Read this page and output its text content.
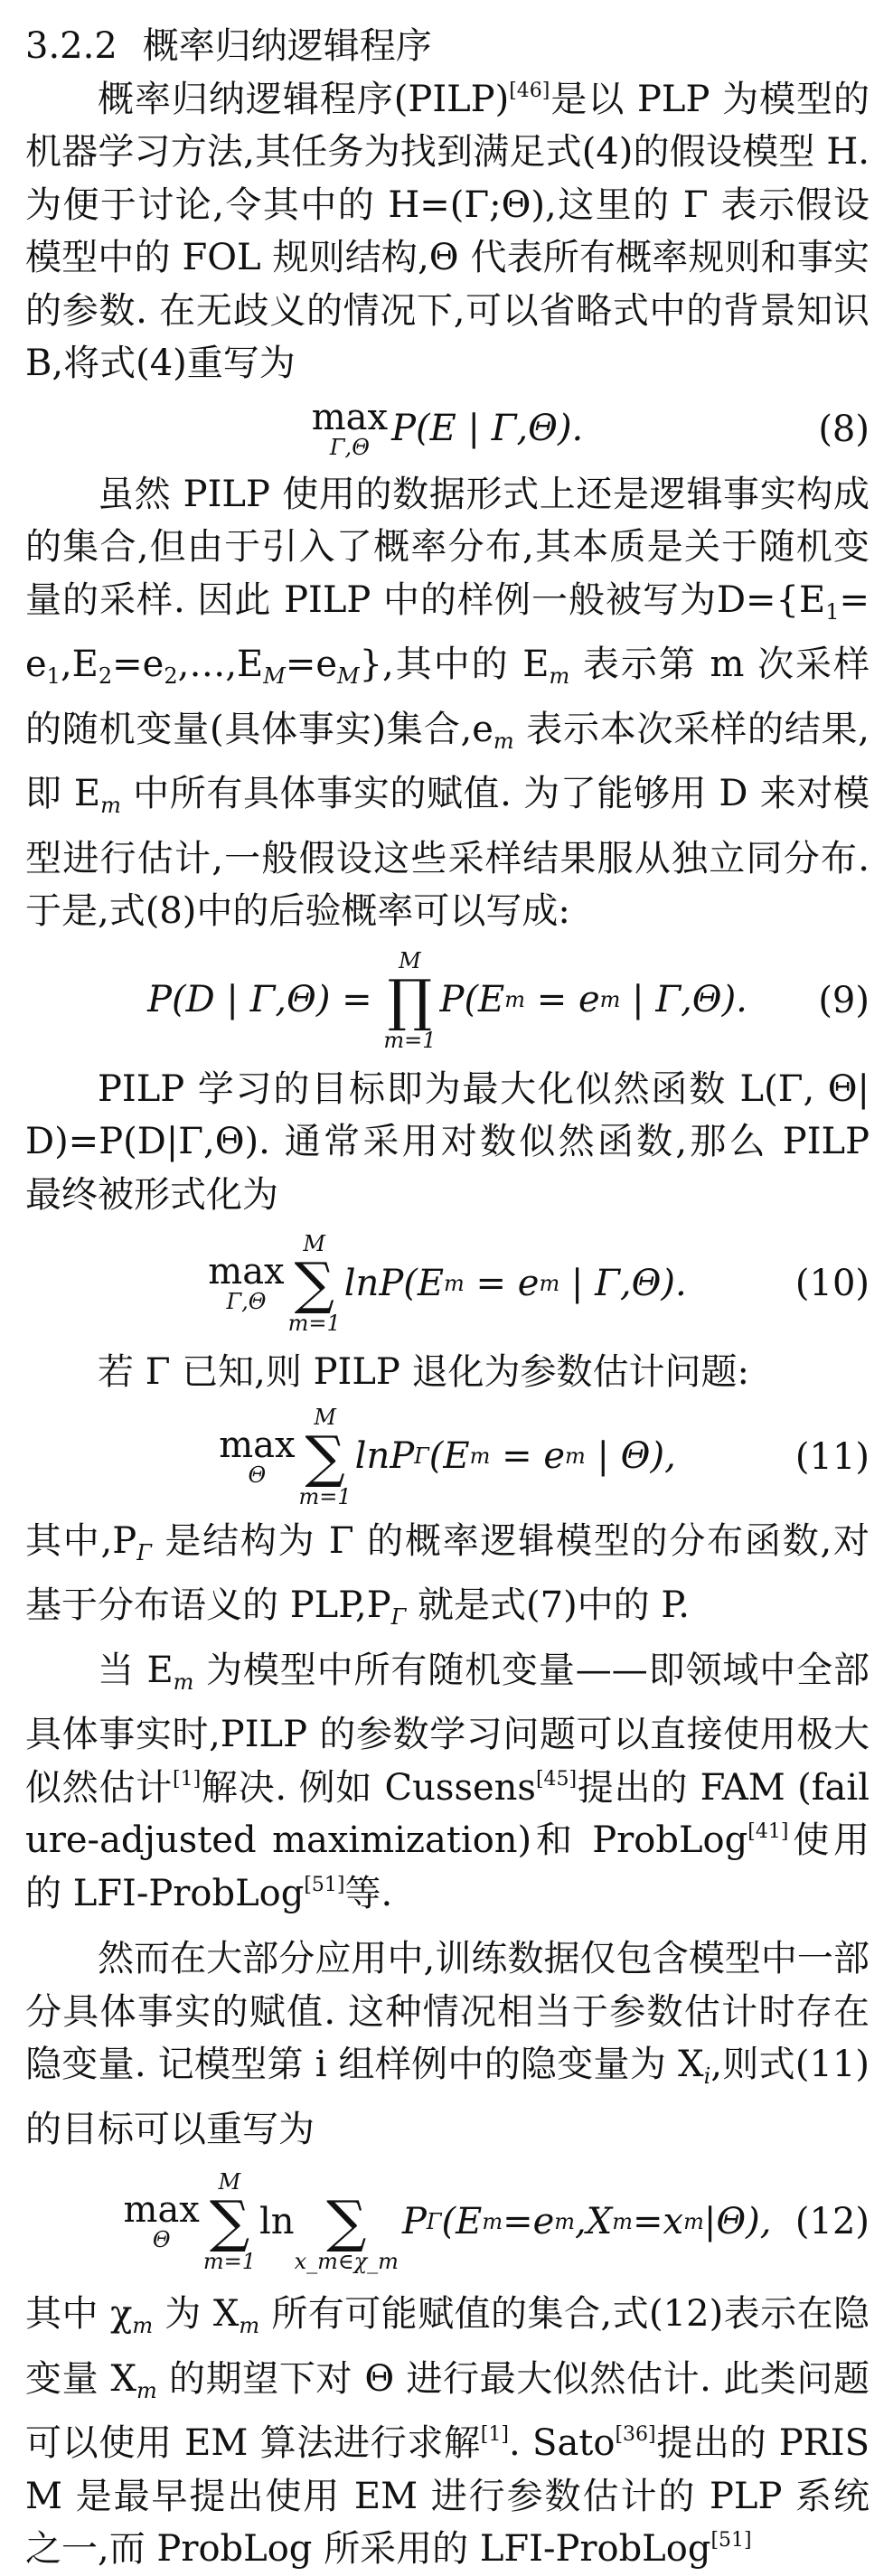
3.2.2 概率归纳逻辑程序

概率归纳逻辑程序(PILP)[46]是以 PLP 为模型的机器学习方法,其任务为找到满足式(4)的假设模型 H. 为便于讨论,令其中的 H=(Γ;Θ),这里的 Γ 表示假设模型中的 FOL 规则结构,Θ 代表所有概率规则和事实的参数. 在无歧义的情况下,可以省略式中的背景知识 B,将式(4)重写为

max
Γ,Θ P(E | Γ,Θ).	(8)

虽然 PILP 使用的数据形式上还是逻辑事实构成的集合,但由于引入了概率分布,其本质是关于随机变量的采样. 因此 PILP 中的样例一般被写为$D=\{E_1=e_1,E_2=e_2,\dots,E_M=e_M\}$,其中的 $E_m$ 表示第 m 次采样的随机变量(具体事实)集合$,e_m$ 表示本次采样的结果,即 $E_m$ 中所有具体事实的赋值. 为了能够用 D 来对模型进行估计,一般假设这些采样结果服从独立同分布. 于是,式(8)中的后验概率可以写成:

P(D | Γ,Θ) =

M
∏
m=1
P(E m = e m | Γ,Θ). (9)

PILP 学习的目标即为最大化似然函数 L(Γ, Θ|D)=P(D|Γ,Θ). 通常采用对数似然函数,那么 PILP 最终被形式化为

max
Γ,Θ
M
∑
m=1
lnP(E m = e m | Γ,Θ).	(10)

若 Γ 已知,则 PILP 退化为参数估计问题:

max
Θ
M
∑
m=1
lnP Γ (E m = e m | Θ),	(11)

其中$,P_\Gamma$ 是结构为 Γ 的概率逻辑模型的分布函数,对基于分布语义的 $PLP,P_\Gamma$ 就是式(7)中的 P.

当 $E_m$ 为模型中所有随机变量——即领域中全部具体事实时,PILP 的参数学习问题可以直接使用极大似然估计[1]解决. 例如 Cussens[45]提出的 FAM (failure-adjusted maximization)和 ProbLog[41]使用的 LFI-ProbLog[51]等.

然而在大部分应用中,训练数据仅包含模型中一部分具体事实的赋值. 这种情况相当于参数估计时存在隐变量. 记模型第 i 组样例中的隐变量为 $X_i$,则式(11)的目标可以重写为

max
Θ
M
∑
m=1
ln
∑
x_m∈χ_m
P Γ (E m =e m ,X m =x m |Θ), (12)

其中 $\chi_m$ 为 $X_m$ 所有可能赋值的集合,式(12)表示在隐变量 $X_m$ 的期望下对 Θ 进行最大似然估计. 此类问题可以使用 EM 算法进行求解[1]. Sato[36]提出的 PRISM 是最早提出使用 EM 进行参数估计的 PLP 系统之一,而 ProbLog 所采用的 LFI-ProbLog[51]
